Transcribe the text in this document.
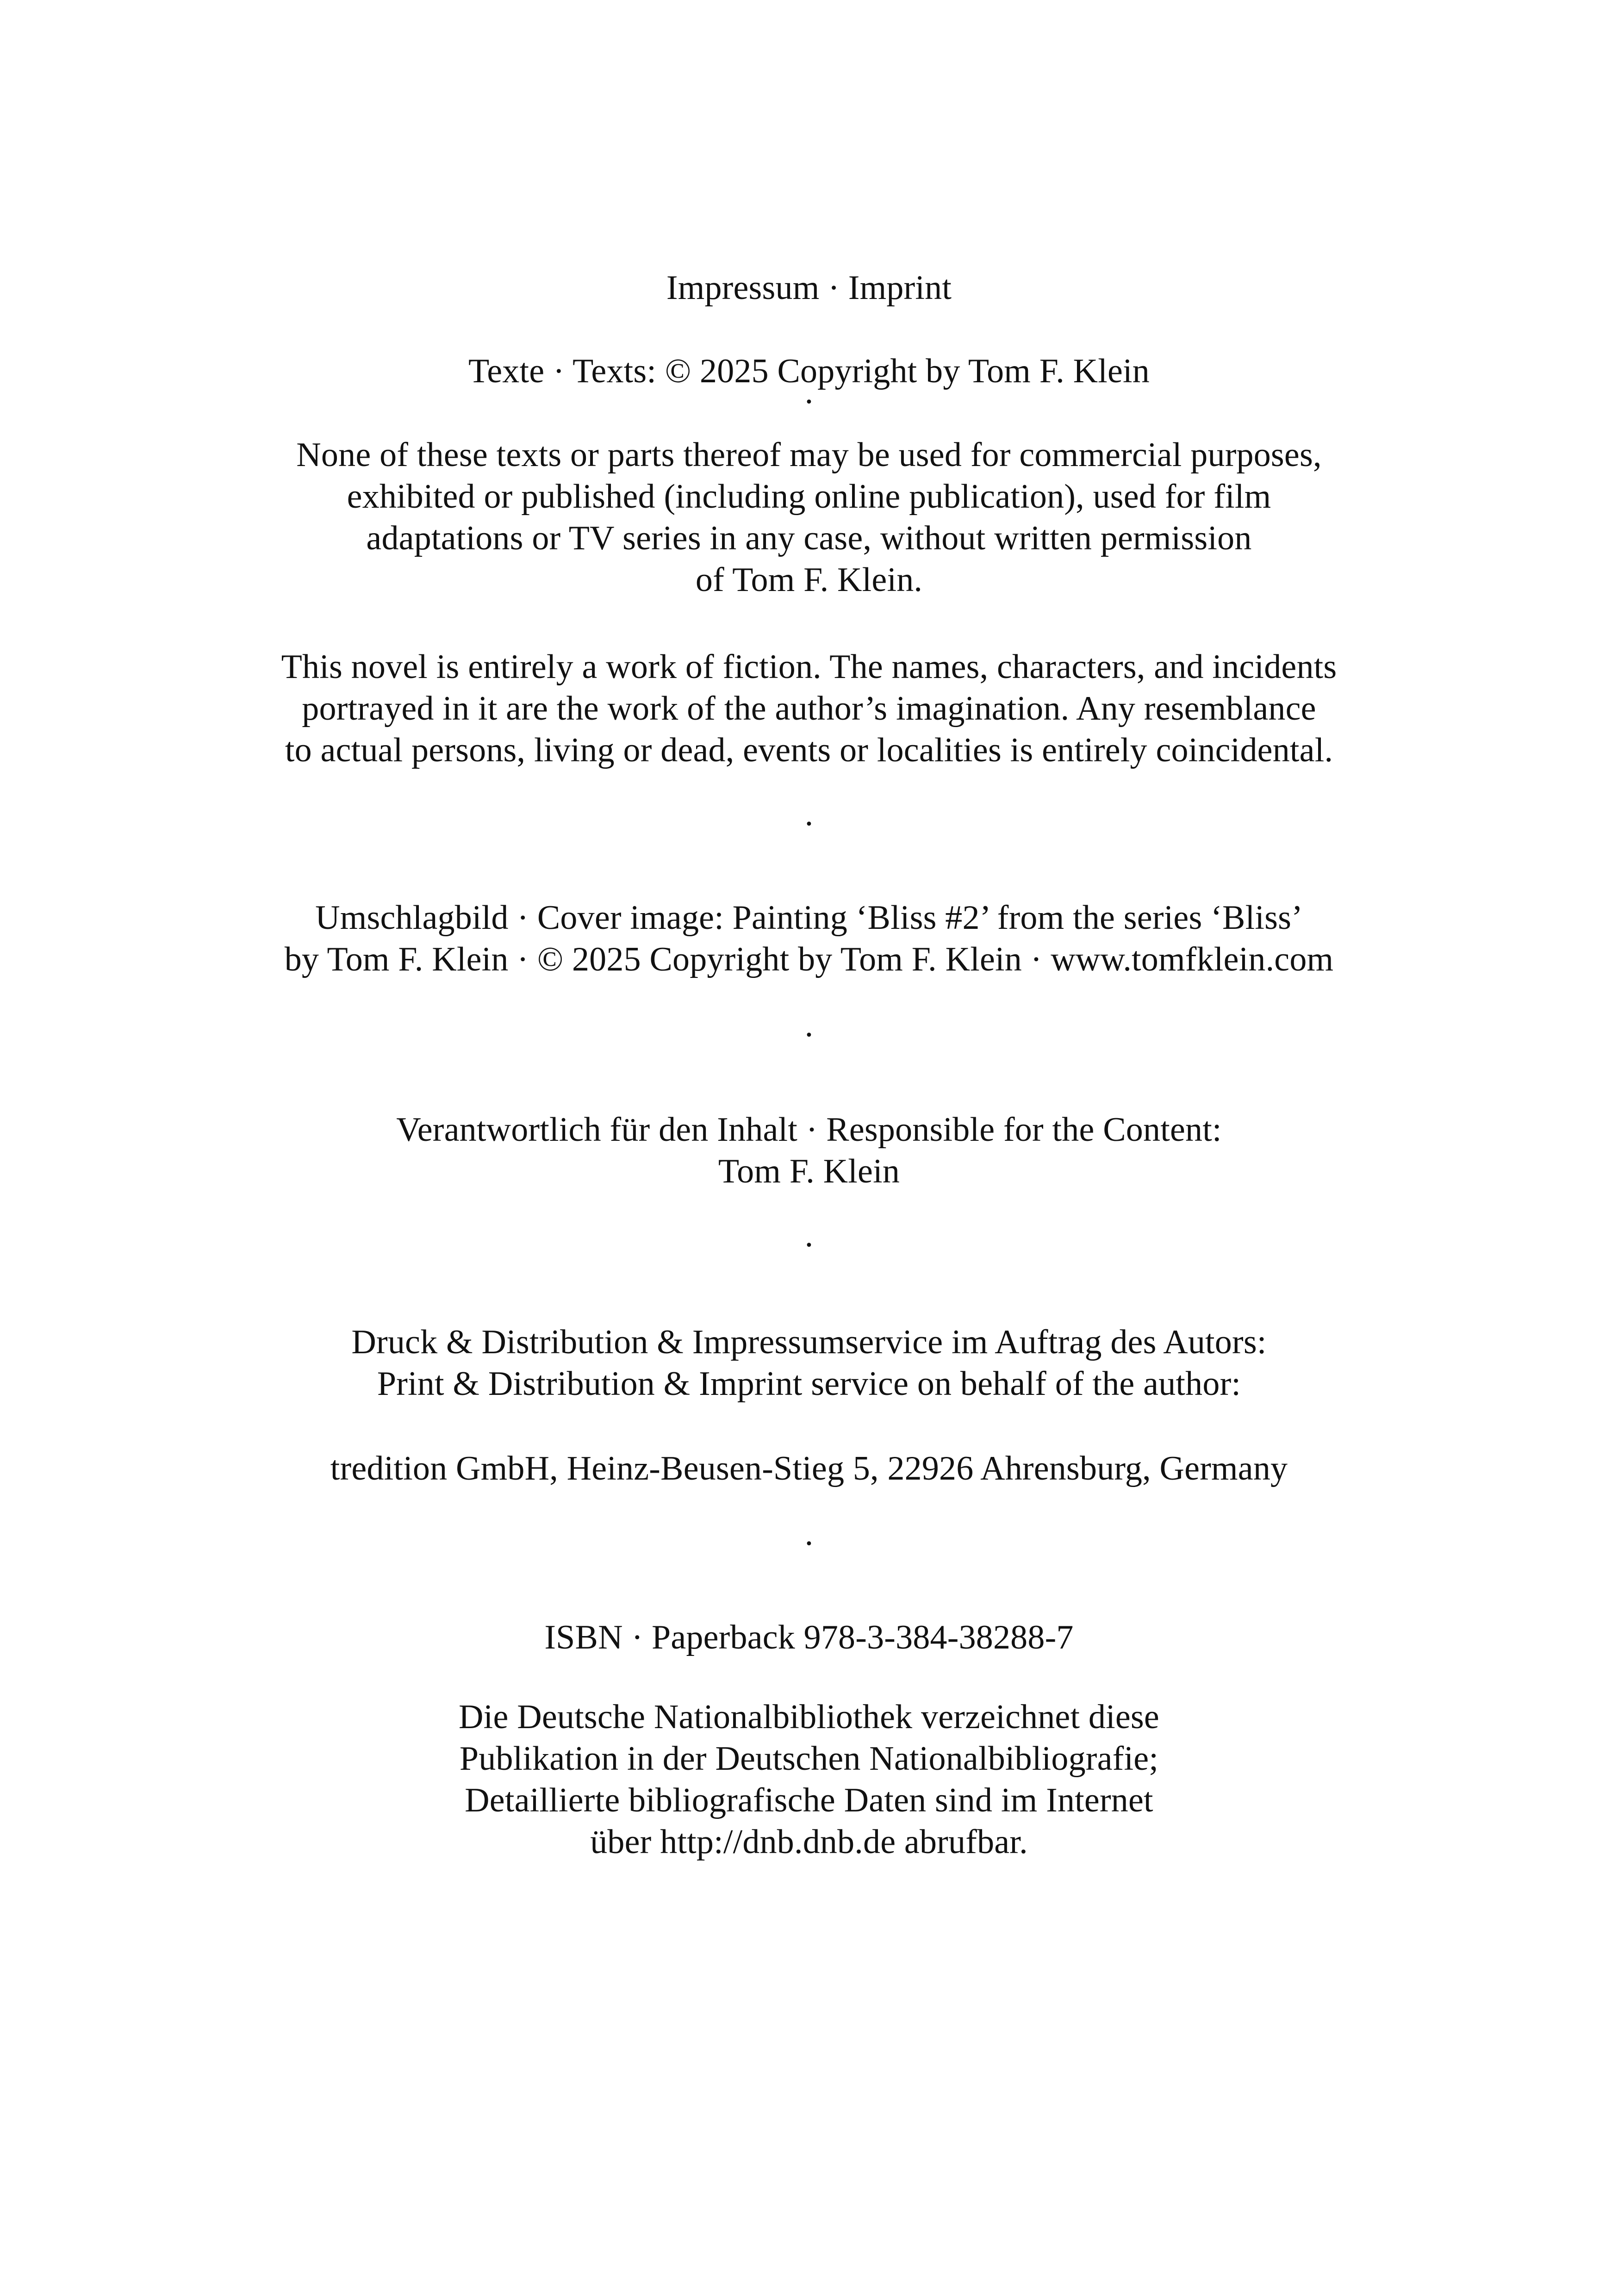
Impressum · Imprint
Texte · Texts: © 2025 Copyright by Tom F. Klein
·
None of these texts or parts thereof may be used for commercial purposes,
exhibited or published (including online publication), used for film
adaptations or TV series in any case, without written permission
of Tom F. Klein.
This novel is entirely a work of fiction. The names, characters, and incidents
portrayed in it are the work of the author’s imagination. Any resemblance
to actual persons, living or dead, events or localities is entirely coincidental.
·
Umschlagbild · Cover image: Painting ‘Bliss #2’ from the series ‘Bliss’
by Tom F. Klein · © 2025 Copyright by Tom F. Klein · www.tomfklein.com
·
Verantwortlich für den Inhalt · Responsible for the Content:
Tom F. Klein
·
Druck & Distribution & Impressumservice im Auftrag des Autors:
Print & Distribution & Imprint service on behalf of the author:
tredition GmbH, Heinz-Beusen-Stieg 5, 22926 Ahrensburg, Germany
·
ISBN · Paperback 978-3-384-38288-7
Die Deutsche Nationalbibliothek verzeichnet diese
Publikation in der Deutschen Nationalbibliografie;
Detaillierte bibliografische Daten sind im Internet
über http://dnb.dnb.de abrufbar.
